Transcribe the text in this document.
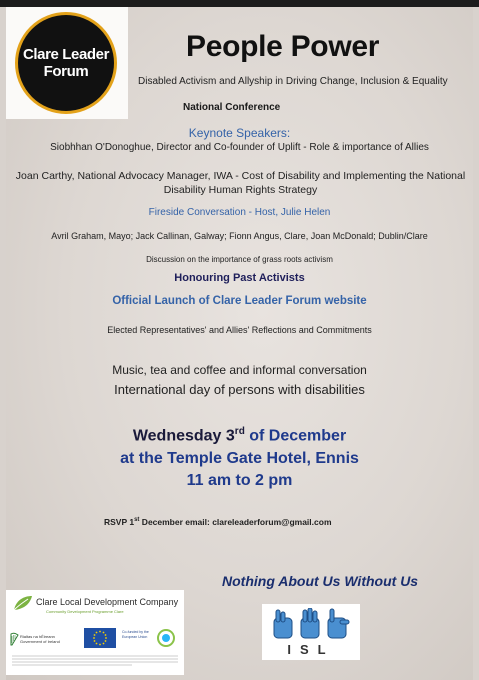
Clare Leader
Forum
People Power
Disabled Activism and Allyship in Driving Change, Inclusion & Equality
National Conference
Keynote Speakers:
Siobhhan O'Donoghue, Director and Co-founder of Uplift - Role & importance of Allies
Joan Carthy, National Advocacy Manager, IWA - Cost of Disability and Implementing the National Disability Human Rights Strategy
Fireside Conversation - Host, Julie Helen
Avril Graham, Mayo; Jack Callinan, Galway; Fionn Angus, Clare, Joan McDonald; Dublin/Clare
Discussion on the importance of grass roots activism
Honouring Past Activists
Official Launch of Clare Leader Forum website
Elected Representatives' and Allies' Reflections and Commitments
Music, tea and coffee and informal conversation
International day of persons with disabilities
Wednesday 3rd of December
at the Temple Gate Hotel, Ennis
11 am to 2 pm
RSVP 1st December email: clareleaderforum@gmail.com
Nothing About Us Without Us
Clare Local Development Company
Community Development Programme Clare
Rialtas na hÉireann
Government of Ireland
Co-funded by the
European Union
ISL
